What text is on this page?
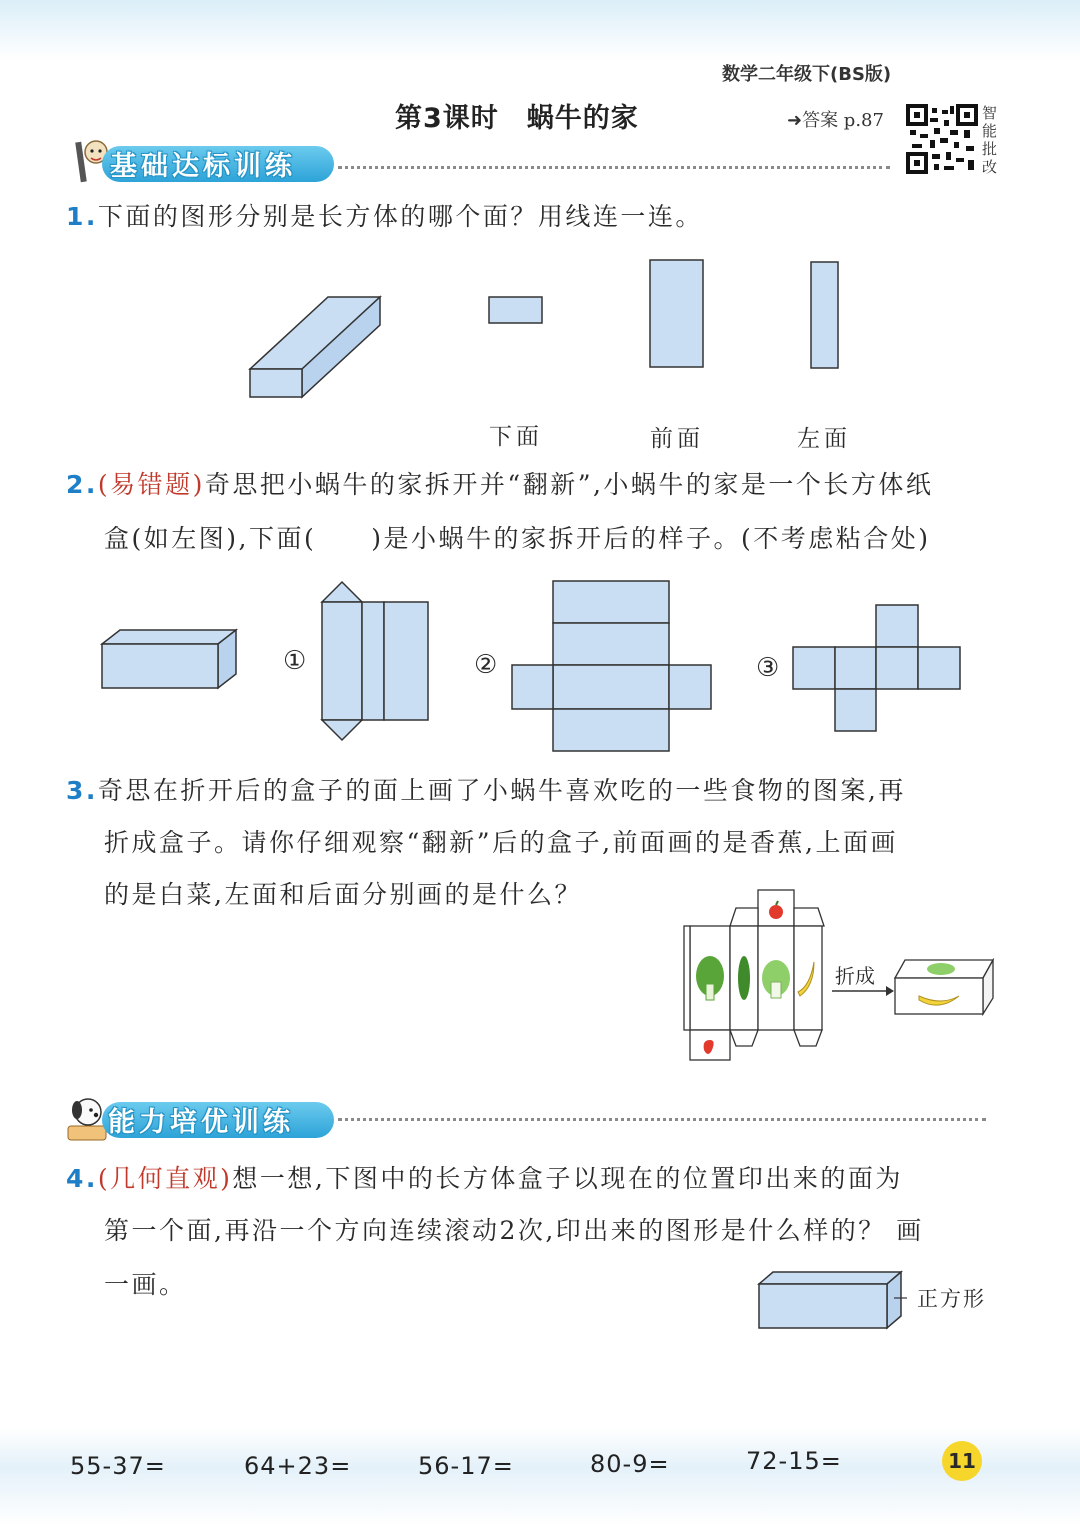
数学二年级下(BS版)
第3课时　蜗牛的家	➜答案 p.87	智能批改
基础达标训练
1.下面的图形分别是长方体的哪个面？用线连一连。
下面	前面	左面
2.(易错题)奇思把小蜗牛的家拆开并“翻新”,小蜗牛的家是一个长方体纸
盒(如左图),下面(　　)是小蜗牛的家拆开后的样子。(不考虑粘合处)
①	②	③
3.奇思在折开后的盒子的面上画了小蜗牛喜欢吃的一些食物的图案,再
折成盒子。请你仔细观察“翻新”后的盒子,前面画的是香蕉,上面画
的是白菜,左面和后面分别画的是什么？
折成
能力培优训练
4.(几何直观)想一想,下图中的长方体盒子以现在的位置印出来的面为
第一个面,再沿一个方向连续滚动2次,印出来的图形是什么样的？ 画
一画。	正方形
55-37=	64+23=	56-17=	80-9=	72-15=	11
